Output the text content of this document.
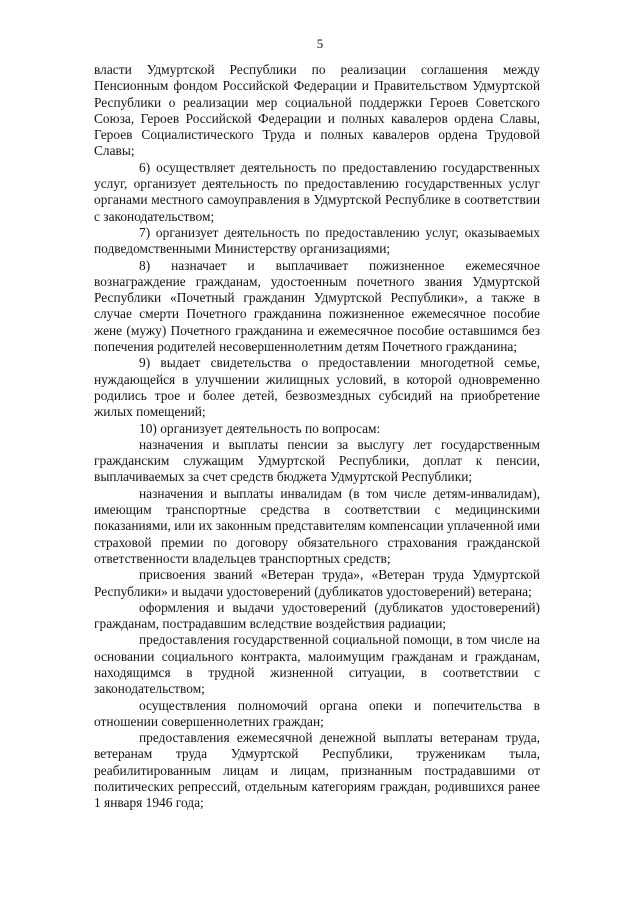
5

власти Удмуртской Республики по реализации соглашения между Пенсионным фондом Российской Федерации и Правительством Удмуртской Республики о реализации мер социальной поддержки Героев Советского Союза, Героев Российской Федерации и полных кавалеров ордена Славы, Героев Социалистического Труда и полных кавалеров ордена Трудовой Славы;

6) осуществляет деятельность по предоставлению государственных услуг, организует деятельность по предоставлению государственных услуг органами местного самоуправления в Удмуртской Республике в соответствии с законодательством;

7) организует деятельность по предоставлению услуг, оказываемых подведомственными Министерству организациями;

8) назначает и выплачивает пожизненное ежемесячное вознаграждение гражданам, удостоенным почетного звания Удмуртской Республики «Почетный гражданин Удмуртской Республики», а также в случае смерти Почетного гражданина пожизненное ежемесячное пособие жене (мужу) Почетного гражданина и ежемесячное пособие оставшимся без попечения родителей несовершеннолетним детям Почетного гражданина;

9) выдает свидетельства о предоставлении многодетной семье, нуждающейся в улучшении жилищных условий, в которой одновременно родились трое и более детей, безвозмездных субсидий на приобретение жилых помещений;

10) организует деятельность по вопросам:

назначения и выплаты пенсии за выслугу лет государственным гражданским служащим Удмуртской Республики, доплат к пенсии, выплачиваемых за счет средств бюджета Удмуртской Республики;

назначения и выплаты инвалидам (в том числе детям-инвалидам), имеющим транспортные средства в соответствии с медицинскими показаниями, или их законным представителям компенсации уплаченной ими страховой премии по договору обязательного страхования гражданской ответственности владельцев транспортных средств;

присвоения званий «Ветеран труда», «Ветеран труда Удмуртской Республики» и выдачи удостоверений (дубликатов удостоверений) ветерана;

оформления и выдачи удостоверений (дубликатов удостоверений) гражданам, пострадавшим вследствие воздействия радиации;

предоставления государственной социальной помощи, в том числе на основании социального контракта, малоимущим гражданам и гражданам, находящимся в трудной жизненной ситуации, в соответствии с законодательством;

осуществления полномочий органа опеки и попечительства в отношении совершеннолетних граждан;

предоставления ежемесячной денежной выплаты ветеранам труда, ветеранам труда Удмуртской Республики, труженикам тыла, реабилитированным лицам и лицам, признанным пострадавшими от политических репрессий, отдельным категориям граждан, родившихся ранее 1 января 1946 года;
